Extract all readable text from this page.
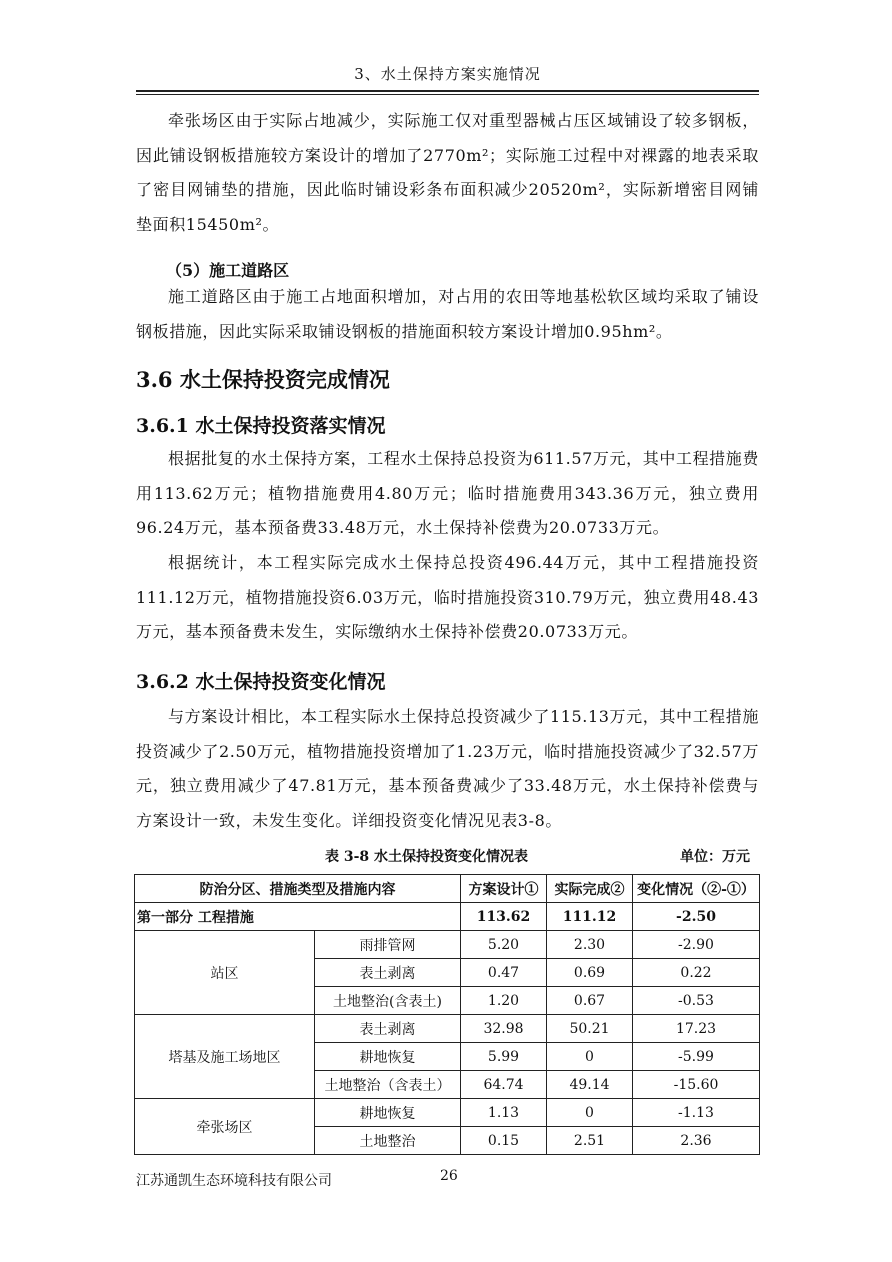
3、水土保持方案实施情况

牵张场区由于实际占地减少，实际施工仅对重型器械占压区域铺设了较多钢板，因此铺设钢板措施较方案设计的增加了2770m²；实际施工过程中对裸露的地表采取了密目网铺垫的措施，因此临时铺设彩条布面积减少20520m²，实际新增密目网铺垫面积15450m²。

（5）施工道路区

施工道路区由于施工占地面积增加，对占用的农田等地基松软区域均采取了铺设钢板措施，因此实际采取铺设钢板的措施面积较方案设计增加0.95hm²。

3.6 水土保持投资完成情况
3.6.1 水土保持投资落实情况

根据批复的水土保持方案，工程水土保持总投资为611.57万元，其中工程措施费用113.62万元；植物措施费用4.80万元；临时措施费用343.36万元，独立费用96.24万元，基本预备费33.48万元，水土保持补偿费为20.0733万元。

根据统计，本工程实际完成水土保持总投资496.44万元，其中工程措施投资111.12万元，植物措施投资6.03万元，临时措施投资310.79万元，独立费用48.43万元，基本预备费未发生，实际缴纳水土保持补偿费20.0733万元。

3.6.2 水土保持投资变化情况

与方案设计相比，本工程实际水土保持总投资减少了115.13万元，其中工程措施投资减少了2.50万元，植物措施投资增加了1.23万元，临时措施投资减少了32.57万元，独立费用减少了47.81万元，基本预备费减少了33.48万元，水土保持补偿费与方案设计一致，未发生变化。详细投资变化情况见表3-8。

表 3-8 水土保持投资变化情况表	单位：万元
防治分区、措施类型及措施内容		方案设计①	实际完成②	变化情况（②-①）
第一部分 工程措施		113.62	111.12	-2.50
站区	雨排管网	5.20	2.30	-2.90
	表土剥离	0.47	0.69	0.22
	土地整治(含表土)	1.20	0.67	-0.53
塔基及施工场地区	表土剥离	32.98	50.21	17.23
	耕地恢复	5.99	0	-5.99
	土地整治（含表土）	64.74	49.14	-15.60
牵张场区	耕地恢复	1.13	0	-1.13
	土地整治	0.15	2.51	2.36
江苏通凯生态环境科技有限公司	26
